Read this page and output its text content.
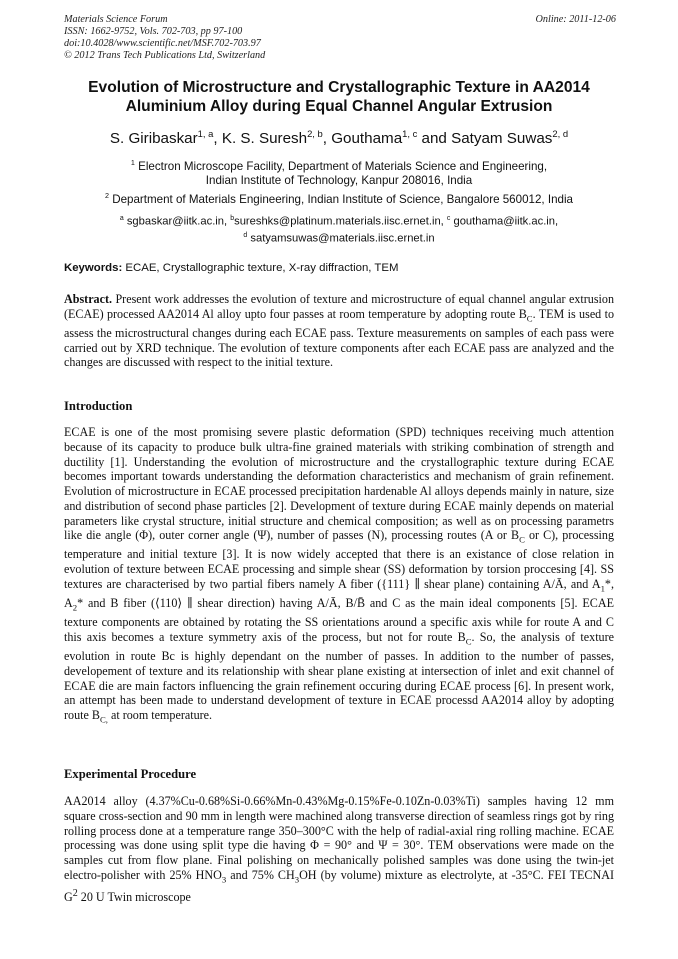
Materials Science Forum
ISSN: 1662-9752, Vols. 702-703, pp 97-100
doi:10.4028/www.scientific.net/MSF.702-703.97
© 2012 Trans Tech Publications Ltd, Switzerland
Online: 2011-12-06
Evolution of Microstructure and Crystallographic Texture in AA2014
Aluminium Alloy during Equal Channel Angular Extrusion
S. Giribaskar$^{1, a}$, K. S. Suresh$^{2, b}$, Gouthama$^{1, c}$ and Satyam Suwas$^{2, d}$
$^1$ Electron Microscope Facility, Department of Materials Science and Engineering,
Indian Institute of Technology, Kanpur 208016, India
$^2$ Department of Materials Engineering, Indian Institute of Science, Bangalore 560012, India
$^a$ sgbaskar@iitk.ac.in, $^b$sureshks@platinum.materials.iisc.ernet.in, $^c$ gouthama@iitk.ac.in,
$^d$ satyamsuwas@materials.iisc.ernet.in
Keywords: ECAE, Crystallographic texture, X-ray diffraction, TEM

Abstract. Present work addresses the evolution of texture and microstructure of equal channel angular extrusion (ECAE) processed AA2014 Al alloy upto four passes at room temperature by adopting route $B_C$. TEM is used to assess the microstructural changes during each ECAE pass. Texture measurements on samples of each pass were carried out by XRD technique. The evolution of texture components after each ECAE pass are analyzed and the changes are discussed with respect to the initial texture.

Introduction

ECAE is one of the most promising severe plastic deformation (SPD) techniques receiving much attention because of its capacity to produce bulk ultra-fine grained materials with striking combination of strength and ductility [1]. Understanding the evolution of microstructure and the crystallographic texture during ECAE becomes important towards understanding the deformation characteristics and mechanism of grain refinement. Evolution of microstructure in ECAE processed precipitation hardenable Al alloys depends mainly in nature, size and distribution of second phase particles [2]. Development of texture during ECAE mainly depends on material parameters like crystal structure, initial structure and chemical composition; as well as on processing parametrs like die angle (Φ), outer corner angle (Ψ), number of passes (N), processing routes (A or $B_C$ or C), processing temperature and initial texture [3]. It is now widely accepted that there is an existance of close relation in evolution of texture between ECAE processing and simple shear (SS) deformation by torsion proccesing [4]. SS textures are characterised by two partial fibers namely A fiber ({111} ∥ shear plane) containing A/Ā, and $A_1*$, $A_2*$ and B fiber (⟨110⟩ ∥ shear direction) having A/Ā, B/B̄ and C as the main ideal components [5]. ECAE texture components are obtained by rotating the SS orientations around a specific axis while for route A and C this axis becomes a texture symmetry axis of the process, but not for route $B_C$. So, the analysis of texture evolution in route Bc is highly dependant on the number of passes. In addition to the number of passes, developement of texture and its relationship with shear plane existing at intersection of inlet and exit channel of ECAE die are main factors influencing the grain refinement occuring during ECAE process [6]. In present work, an attempt has been made to understand development of texture in ECAE processd AA2014 alloy by adopting route $B_{C,}$ at room temperature.

Experimental Procedure

AA2014 alloy (4.37%Cu-0.68%Si-0.66%Mn-0.43%Mg-0.15%Fe-0.10Zn-0.03%Ti) samples having 12 mm square cross-section and 90 mm in length were machined along transverse direction of seamless rings got by ring rolling process done at a temperature range 350–300°C with the help of radial-axial ring rolling machine. ECAE processing was done using split type die having Φ = 90° and Ψ = 30°. TEM observations were made on the samples cut from flow plane. Final polishing on mechanically polished samples was done using the twin-jet electro-polisher with 25% $HNO_3$ and 75% $CH_3OH$ (by volume) mixture as electrolyte, at -35°C. FEI TECNAI $G^2$ 20 U Twin microscope
